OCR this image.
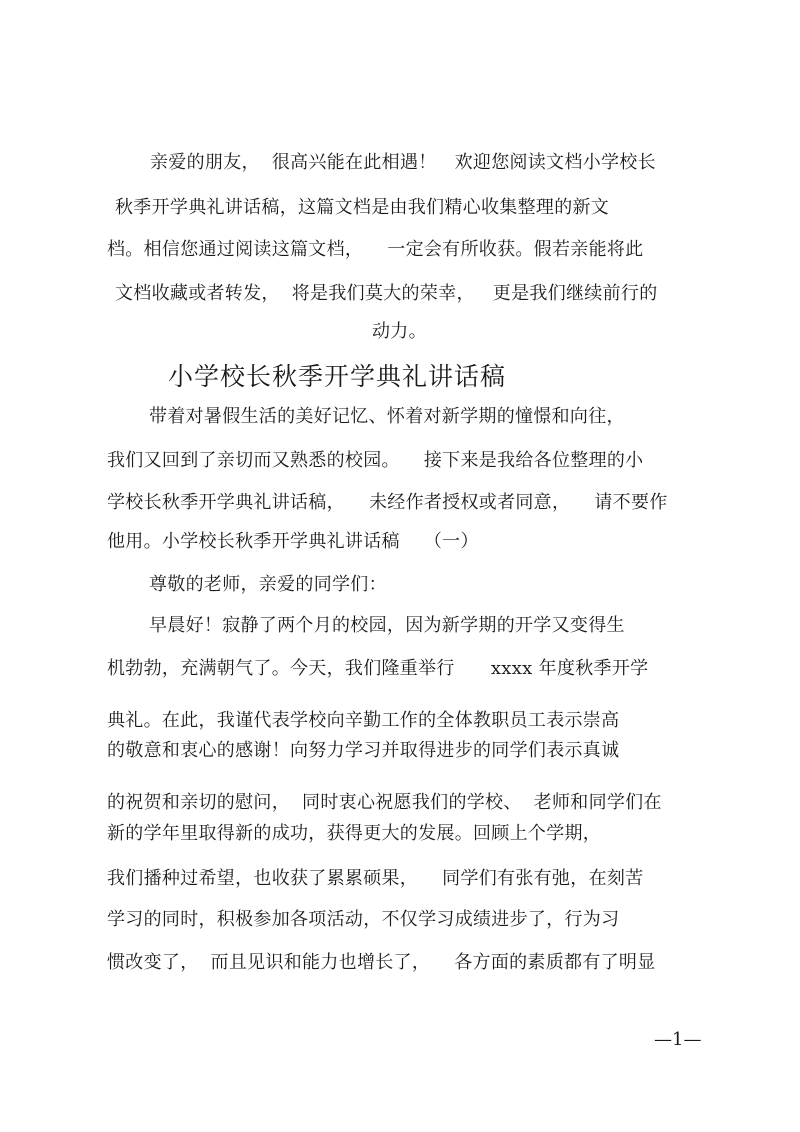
亲爱的朋友，  很高兴能在此相遇！   欢迎您阅读文档小学校长
秋季开学典礼讲话稿，这篇文档是由我们精心收集整理的新文
档。相信您通过阅读这篇文档，    一定会有所收获。假若亲能将此
文档收藏或者转发，  将是我们莫大的荣幸，   更是我们继续前行的
动力。
小学校长秋季开学典礼讲话稿
带着对暑假生活的美好记忆、怀着对新学期的憧憬和向往，
我们又回到了亲切而又熟悉的校园。    接下来是我给各位整理的小
学校长秋季开学典礼讲话稿，    未经作者授权或者同意，    请不要作
他用。小学校长秋季开学典礼讲话稿    （一）
尊敬的老师，亲爱的同学们：
早晨好！寂静了两个月的校园，因为新学期的开学又变得生
机勃勃，充满朝气了。今天，我们隆重举行      xxxx 年度秋季开学
典礼。在此，我谨代表学校向辛勤工作的全体教职员工表示崇高
的敬意和衷心的感谢！向努力学习并取得进步的同学们表示真诚
的祝贺和亲切的慰问，  同时衷心祝愿我们的学校、  老师和同学们在
新的学年里取得新的成功，获得更大的发展。回顾上个学期，
我们播种过希望，也收获了累累硕果，    同学们有张有弛，在刻苦
学习的同时，积极参加各项活动，不仅学习成绩进步了，行为习
惯改变了，  而且见识和能力也增长了，    各方面的素质都有了明显
—1—
